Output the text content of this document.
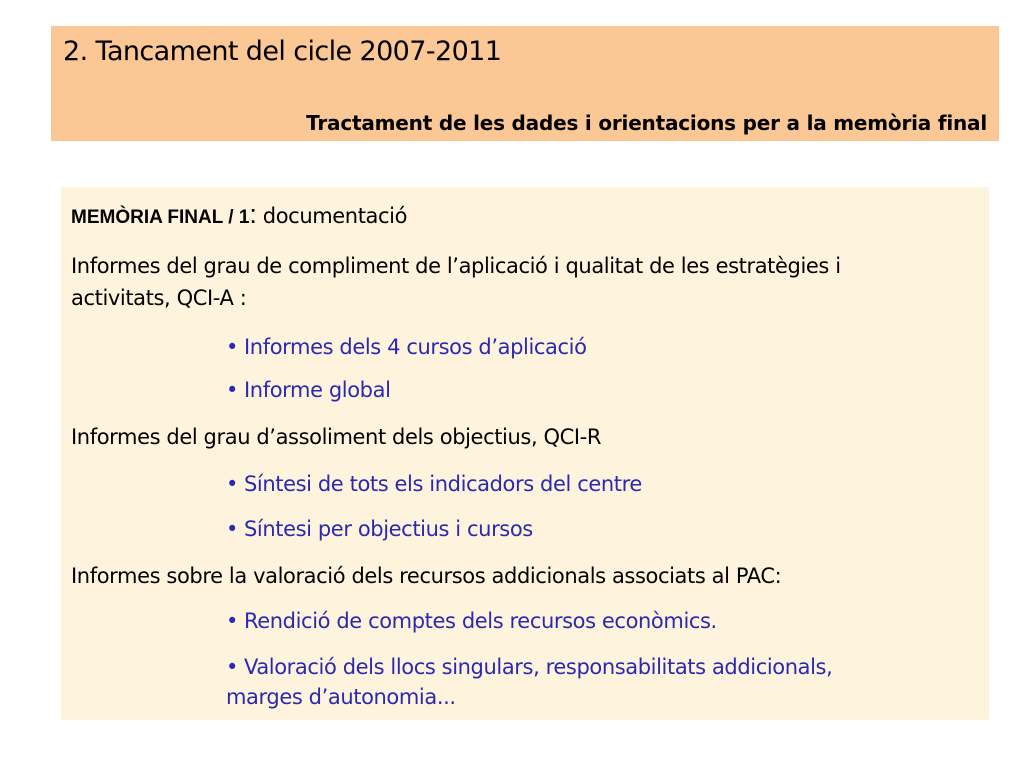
2. Tancament del cicle 2007-2011
Tractament de les dades i orientacions per a la memòria final
MEMÒRIA FINAL / 1: documentació
Informes del grau de compliment de l’aplicació i qualitat de les estratègies i
activitats, QCI-A :
• Informes dels 4 cursos d’aplicació
• Informe global
Informes del grau d’assoliment dels objectius, QCI-R
• Síntesi de tots els indicadors del centre
• Síntesi per objectius i cursos
Informes sobre la valoració dels recursos addicionals associats al PAC:
• Rendició de comptes dels recursos econòmics.
• Valoració dels llocs singulars, responsabilitats addicionals,
marges d’autonomia...
